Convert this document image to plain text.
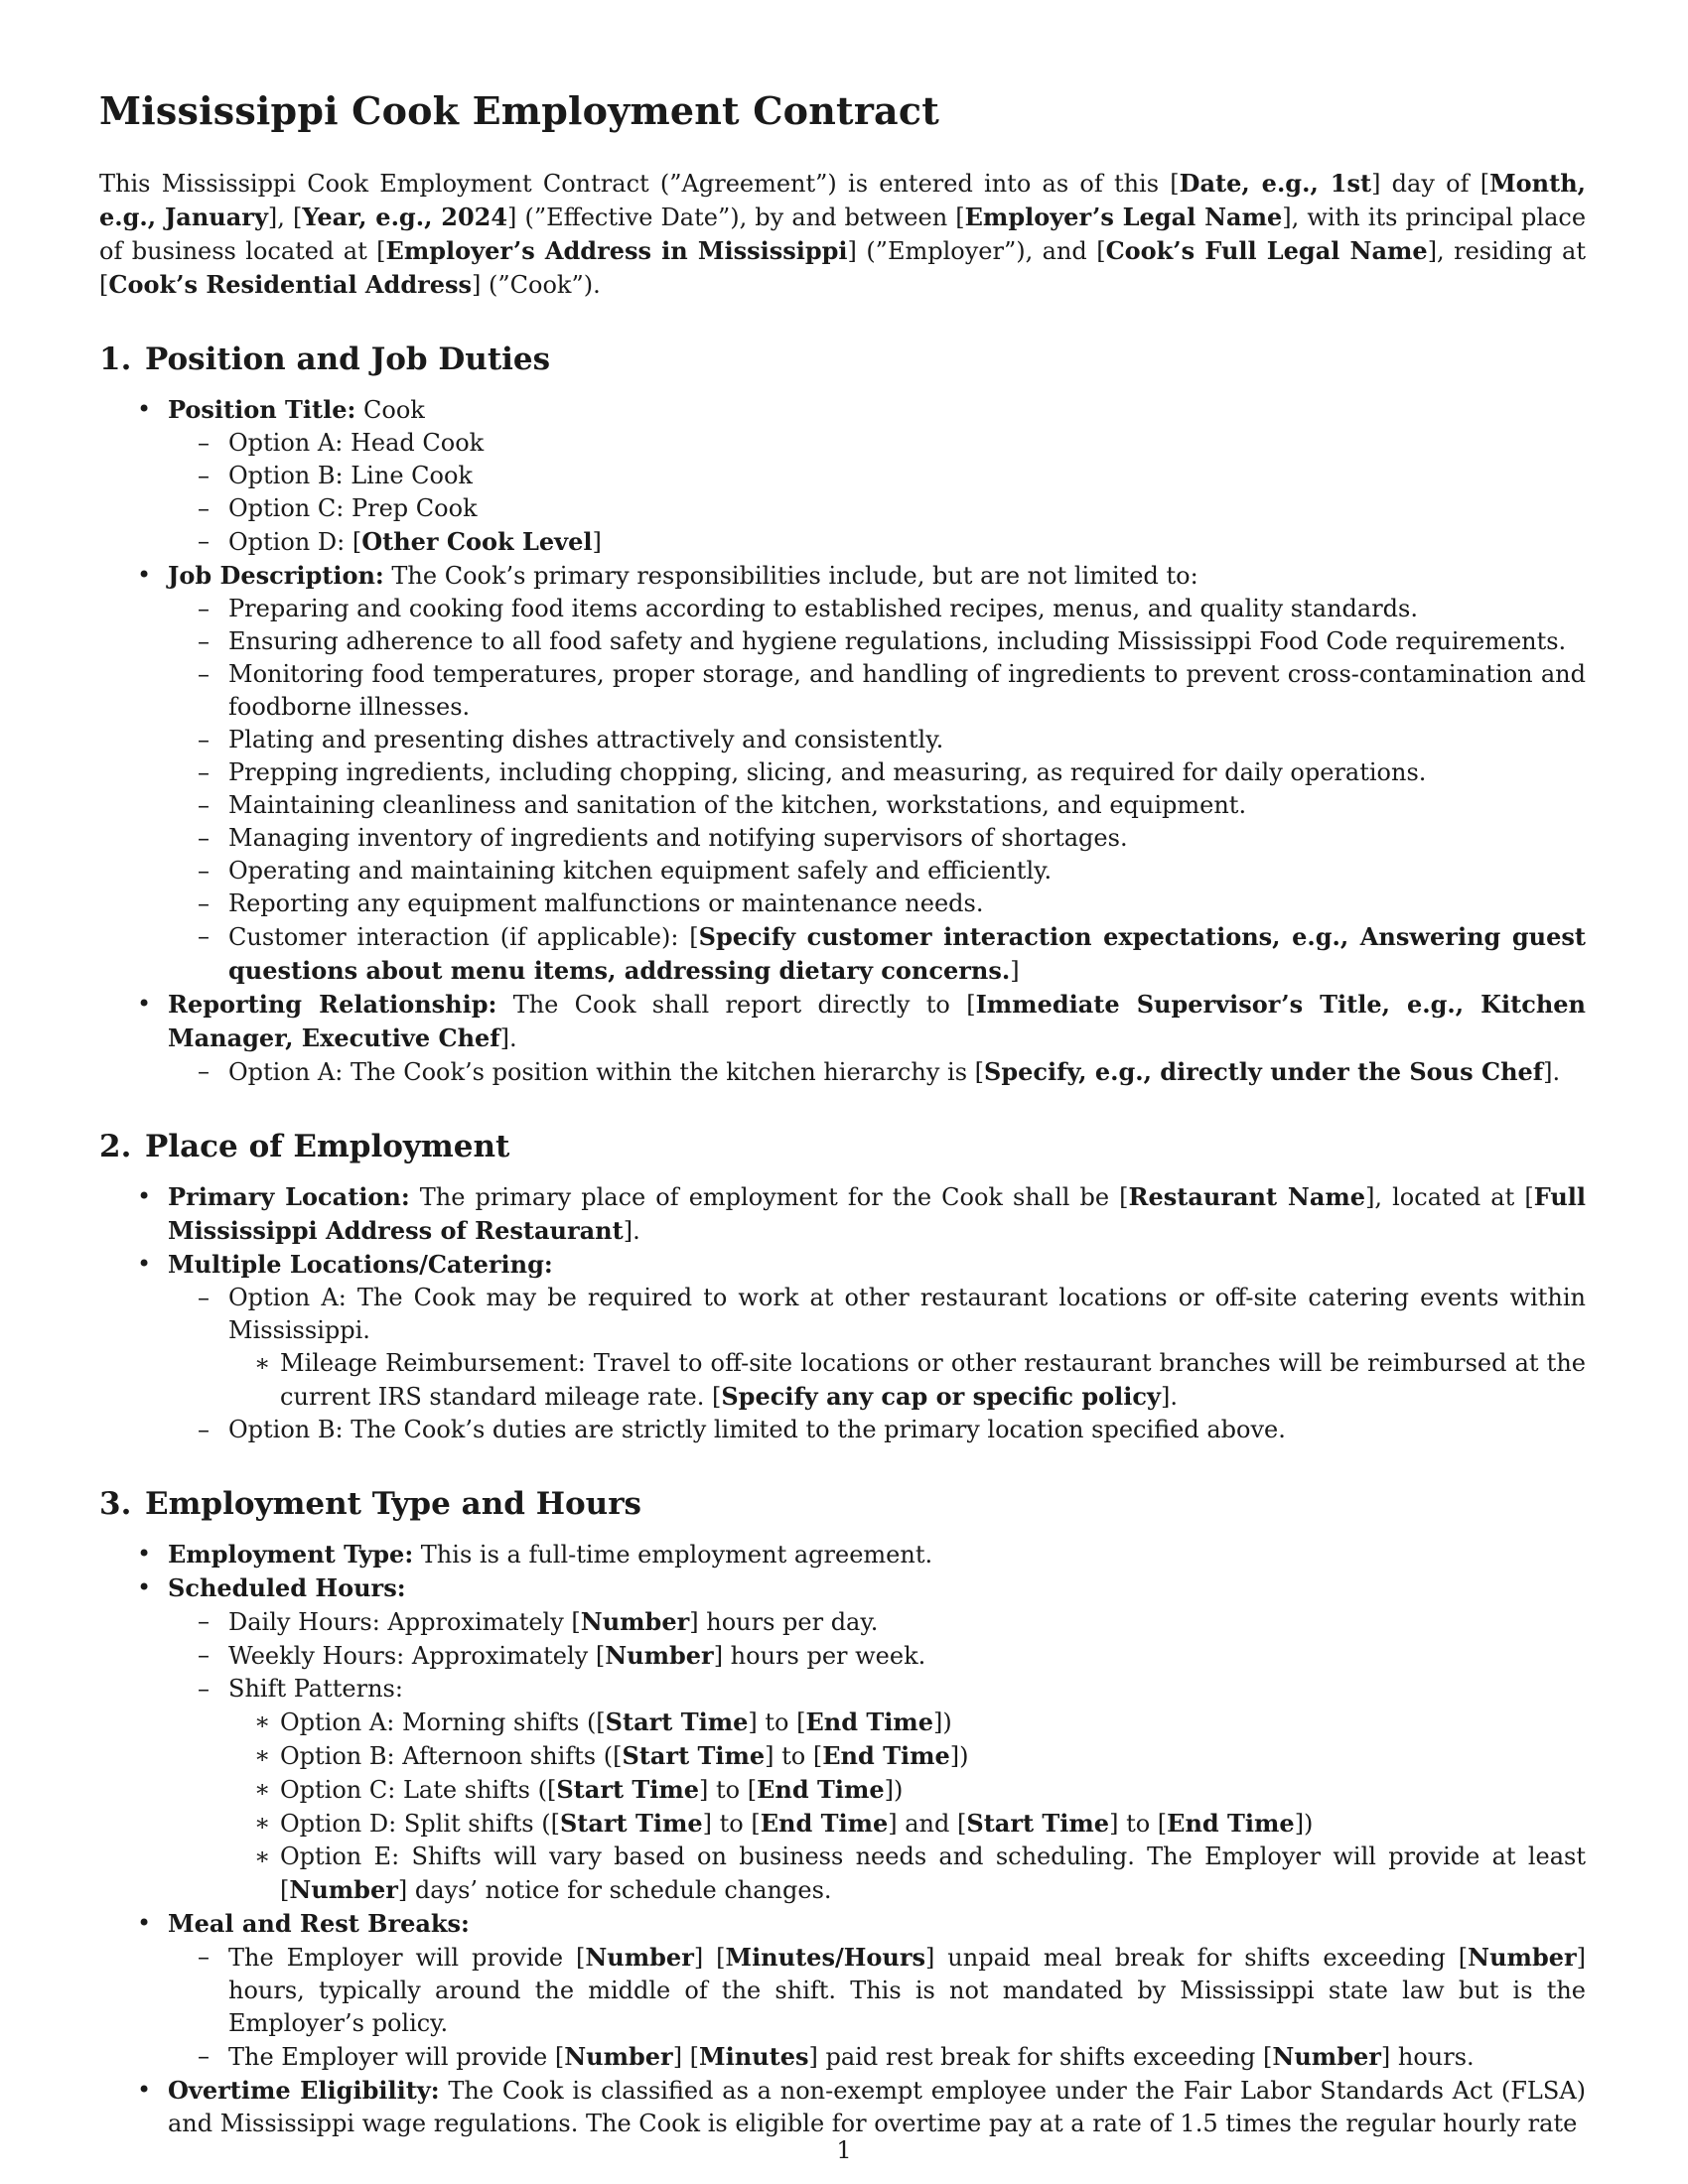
Mississippi Cook Employment Contract

This Mississippi Cook Employment Contract (”Agreement”) is entered into as of this [Date, e.g., 1st] day of [Month, e.g., January], [Year, e.g., 2024] (”Effective Date”), by and between [Employer’s Legal Name], with its principal place of business located at [Employer’s Address in Mississippi] (”Employer”), and [Cook’s Full Legal Name], residing at [Cook’s Residential Address] (”Cook”).

1. Position and Job Duties
• Position Title: Cook
– Option A: Head Cook
– Option B: Line Cook
– Option C: Prep Cook
– Option D: [Other Cook Level]
• Job Description: The Cook’s primary responsibilities include, but are not limited to:
– Preparing and cooking food items according to established recipes, menus, and quality standards.
– Ensuring adherence to all food safety and hygiene regulations, including Mississippi Food Code requirements.
– Monitoring food temperatures, proper storage, and handling of ingredients to prevent cross-contamination and foodborne illnesses.
– Plating and presenting dishes attractively and consistently.
– Prepping ingredients, including chopping, slicing, and measuring, as required for daily operations.
– Maintaining cleanliness and sanitation of the kitchen, workstations, and equipment.
– Managing inventory of ingredients and notifying supervisors of shortages.
– Operating and maintaining kitchen equipment safely and efficiently.
– Reporting any equipment malfunctions or maintenance needs.
– Customer interaction (if applicable): [Specify customer interaction expectations, e.g., Answering guest questions about menu items, addressing dietary concerns.]
• Reporting Relationship: The Cook shall report directly to [Immediate Supervisor’s Title, e.g., Kitchen Manager, Executive Chef].
– Option A: The Cook’s position within the kitchen hierarchy is [Specify, e.g., directly under the Sous Chef].
2. Place of Employment
• Primary Location: The primary place of employment for the Cook shall be [Restaurant Name], located at [Full Mississippi Address of Restaurant].
• Multiple Locations/Catering:
– Option A: The Cook may be required to work at other restaurant locations or off-site catering events within Mississippi.
∗ Mileage Reimbursement: Travel to off-site locations or other restaurant branches will be reimbursed at the current IRS standard mileage rate. [Specify any cap or specific policy].
– Option B: The Cook’s duties are strictly limited to the primary location specified above.
3. Employment Type and Hours
• Employment Type: This is a full-time employment agreement.
• Scheduled Hours:
– Daily Hours: Approximately [Number] hours per day.
– Weekly Hours: Approximately [Number] hours per week.
– Shift Patterns:
∗ Option A: Morning shifts ([Start Time] to [End Time])
∗ Option B: Afternoon shifts ([Start Time] to [End Time])
∗ Option C: Late shifts ([Start Time] to [End Time])
∗ Option D: Split shifts ([Start Time] to [End Time] and [Start Time] to [End Time])
∗ Option E: Shifts will vary based on business needs and scheduling. The Employer will provide at least [Number] days’ notice for schedule changes.
• Meal and Rest Breaks:
– The Employer will provide [Number] [Minutes/Hours] unpaid meal break for shifts exceeding [Number] hours, typically around the middle of the shift. This is not mandated by Mississippi state law but is the Employer’s policy.
– The Employer will provide [Number] [Minutes] paid rest break for shifts exceeding [Number] hours.
• Overtime Eligibility: The Cook is classified as a non-exempt employee under the Fair Labor Standards Act (FLSA) and Mississippi wage regulations. The Cook is eligible for overtime pay at a rate of 1.5 times the regular hourly rate
1
